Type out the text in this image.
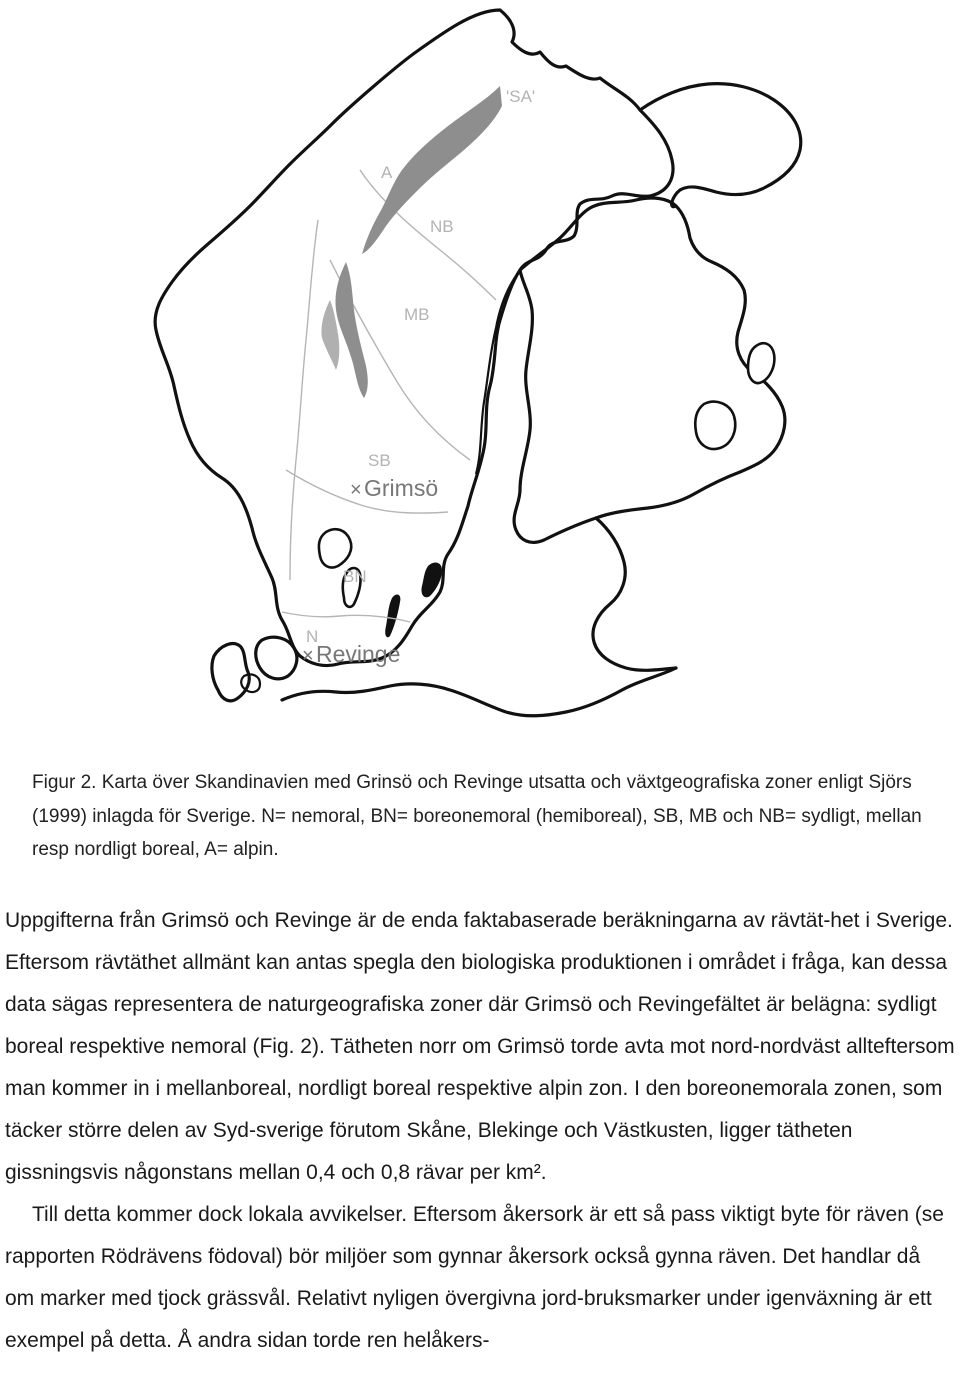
'SA'
A
NB
MB
SB
BN
N
× Grimsö
× Revinge
Figur 2. Karta över Skandinavien med Grinsö och Revinge utsatta och växtgeografiska zoner enligt Sjörs (1999) inlagda för Sverige. N= nemoral, BN= boreonemoral (hemiboreal), SB, MB och NB= sydligt, mellan resp nordligt boreal, A= alpin.

Uppgifterna från Grimsö och Revinge är de enda faktabaserade beräkningarna av rävtät-het i Sverige. Eftersom rävtäthet allmänt kan antas spegla den biologiska produktionen i området i fråga, kan dessa data sägas representera de naturgeografiska zoner där Grimsö och Revingefältet är belägna: sydligt boreal respektive nemoral (Fig. 2). Tätheten norr om Grimsö torde avta mot nord-nordväst allteftersom man kommer in i mellanboreal, nordligt boreal respektive alpin zon. I den boreonemorala zonen, som täcker större delen av Syd-sverige förutom Skåne, Blekinge och Västkusten, ligger tätheten gissningsvis någonstans mellan 0,4 och 0,8 rävar per km².

Till detta kommer dock lokala avvikelser. Eftersom åkersork är ett så pass viktigt byte för räven (se rapporten Rödrävens födoval) bör miljöer som gynnar åkersork också gynna räven. Det handlar då om marker med tjock grässvål. Relativt nyligen övergivna jord-bruksmarker under igenväxning är ett exempel på detta. Å andra sidan torde ren helåkers-
